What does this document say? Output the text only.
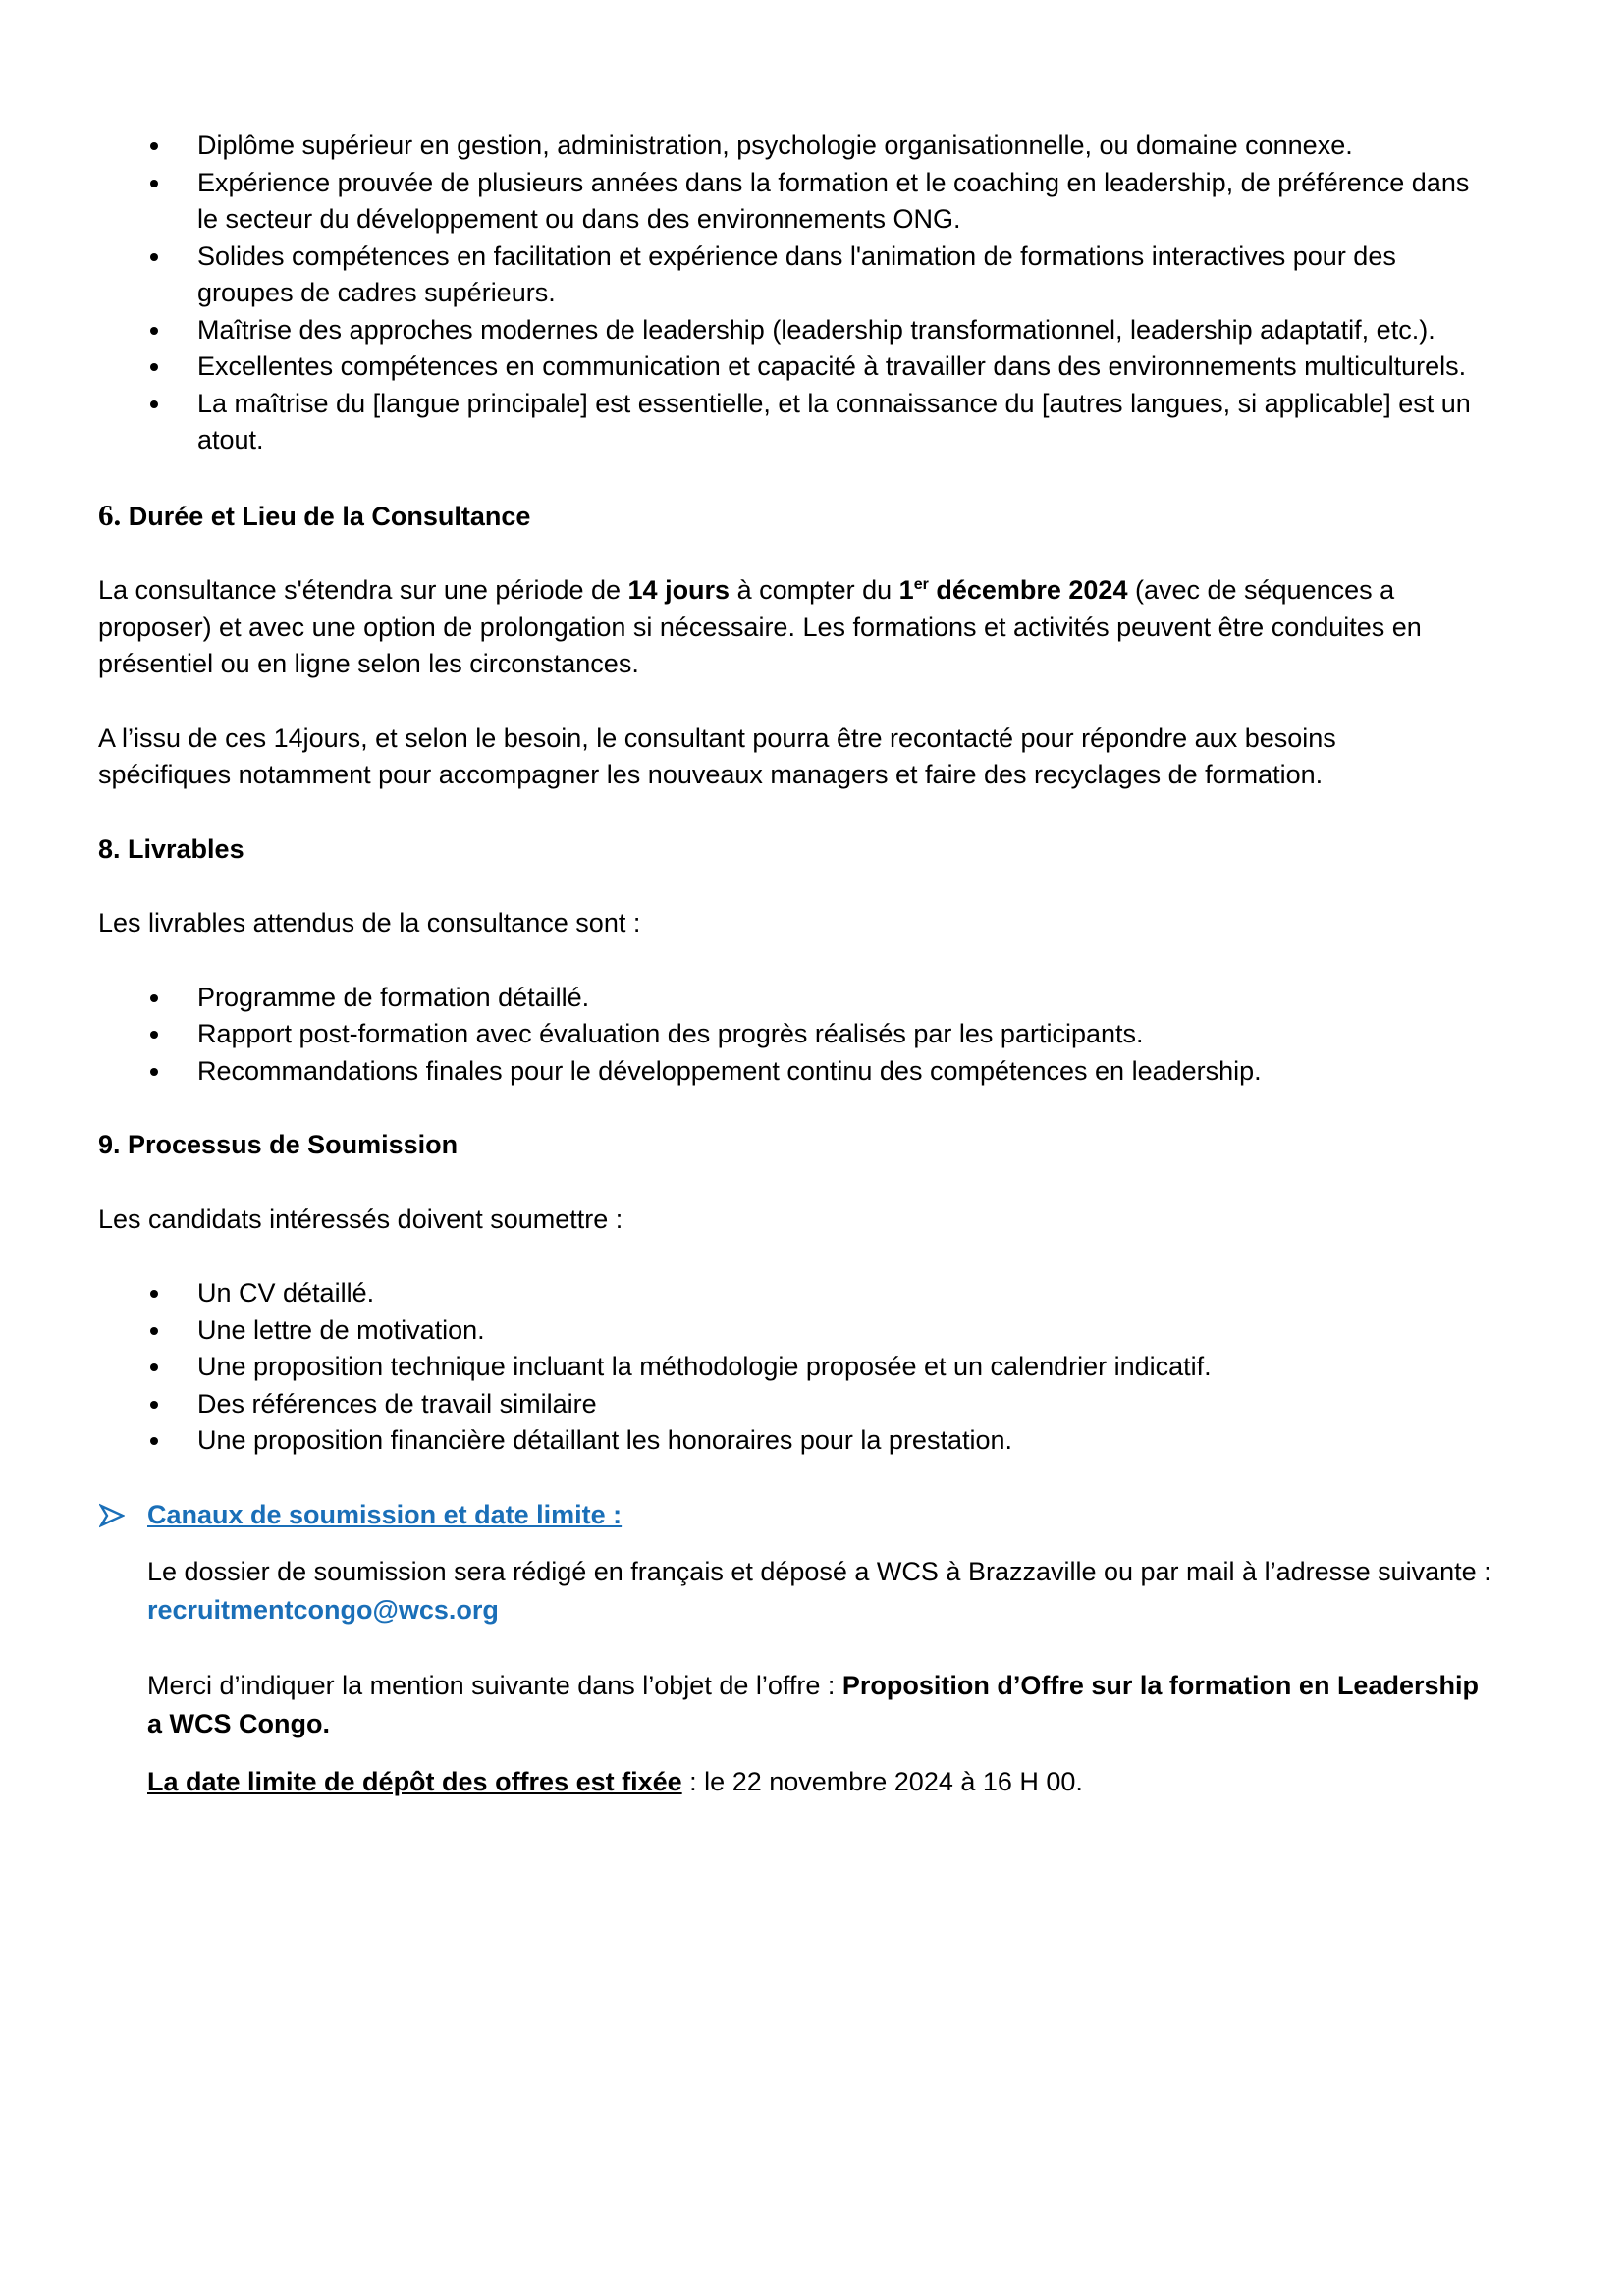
Diplôme supérieur en gestion, administration, psychologie organisationnelle, ou domaine connexe.
Expérience prouvée de plusieurs années dans la formation et le coaching en leadership, de préférence dans
le secteur du développement ou dans des environnements ONG.
Solides compétences en facilitation et expérience dans l'animation de formations interactives pour des
groupes de cadres supérieurs.
Maîtrise des approches modernes de leadership (leadership transformationnel, leadership adaptatif, etc.).
Excellentes compétences en communication et capacité à travailler dans des environnements multiculturels.
La maîtrise du [langue principale] est essentielle, et la connaissance du [autres langues, si applicable] est un
atout.

6. Durée et Lieu de la Consultance

La consultance s'étendra sur une période de 14 jours à compter du 1er décembre 2024 (avec de séquences a
proposer) et avec une option de prolongation si nécessaire. Les formations et activités peuvent être conduites en
présentiel ou en ligne selon les circonstances.

A l’issu de ces 14jours, et selon le besoin, le consultant pourra être recontacté pour répondre aux besoins
spécifiques notamment pour accompagner les nouveaux managers et faire des recyclages de formation.

8. Livrables

Les livrables attendus de la consultance sont :

Programme de formation détaillé.
Rapport post-formation avec évaluation des progrès réalisés par les participants.
Recommandations finales pour le développement continu des compétences en leadership.

9. Processus de Soumission

Les candidats intéressés doivent soumettre :

Un CV détaillé.
Une lettre de motivation.
Une proposition technique incluant la méthodologie proposée et un calendrier indicatif.
Des références de travail similaire
Une proposition financière détaillant les honoraires pour la prestation.

Canaux de soumission et date limite :

Le dossier de soumission sera rédigé en français et déposé a WCS à Brazzaville ou par mail à l’adresse suivante :
recruitmentcongo@wcs.org

Merci d’indiquer la mention suivante dans l’objet de l’offre : Proposition d’Offre sur la formation en Leadership
a WCS Congo.

La date limite de dépôt des offres est fixée : le 22 novembre 2024 à 16 H 00.
